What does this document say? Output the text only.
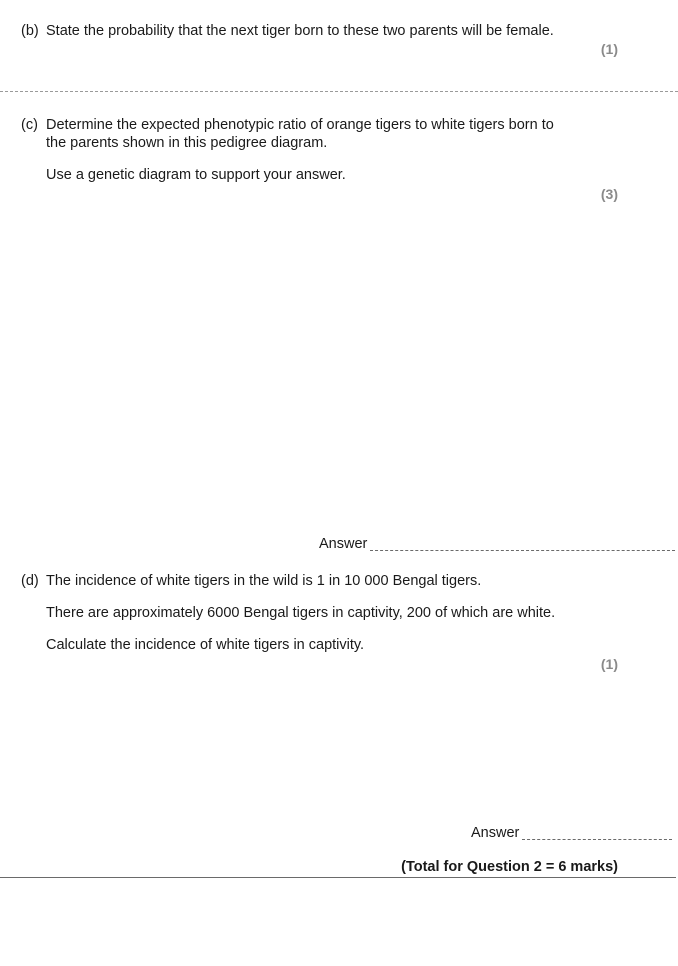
(b) State the probability that the next tiger born to these two parents will be female.
(1)
(c) Determine the expected phenotypic ratio of orange tigers to white tigers born to
the parents shown in this pedigree diagram.
Use a genetic diagram to support your answer.
(3)
Answer
(d) The incidence of white tigers in the wild is 1 in 10 000 Bengal tigers.
There are approximately 6000 Bengal tigers in captivity, 200 of which are white.
Calculate the incidence of white tigers in captivity.
(1)
Answer
(Total for Question 2 = 6 marks)
